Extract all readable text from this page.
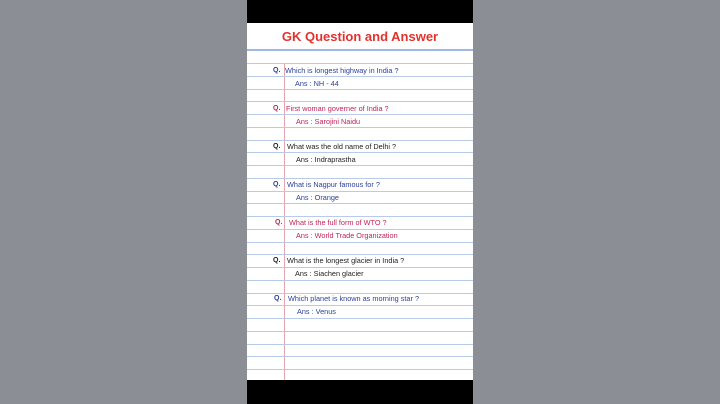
GK Question and Answer
Q. Which is longest highway in India ?
Ans : NH - 44
Q. First woman governer of India ?
Ans : Sarojini Naidu
Q. What was the old name of Delhi ?
Ans : Indraprastha
Q. What is Nagpur famous for ?
Ans : Orange
Q. What is the full form of WTO ?
Ans : World Trade Organization
Q. What is the longest glacier in India ?
Ans : Siachen glacier
Q. Which planet is known as morning star ?
Ans : Venus
